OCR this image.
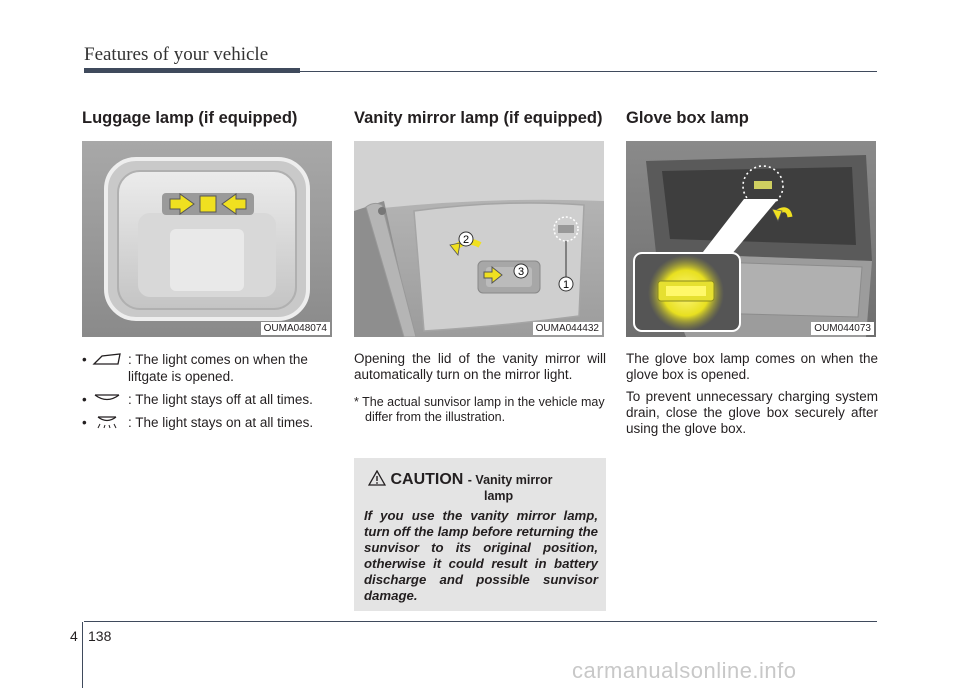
Features of your vehicle
Luggage lamp (if equipped)
OUMA048074
•	: The light comes on when the liftgate is opened.
•	: The light stays off at all times.
•	: The light stays on at all times.
Vanity mirror lamp (if equipped)
2
3
1
OUMA044432

Opening the lid of the vanity mirror will automatically turn on the mirror light.

* The actual sunvisor lamp in the vehicle may differ from the illustration.

CAUTION - Vanity mirror
lamp
If you use the vanity mirror lamp, turn off the lamp before returning the sunvisor to its original position, otherwise it could result in battery discharge and possible sunvisor damage.
Glove box lamp
OUM044073

The glove box lamp comes on when the glove box is opened.

To prevent unnecessary charging system drain, close the glove box securely after using the glove box.

4 138
carmanualsonline.info
